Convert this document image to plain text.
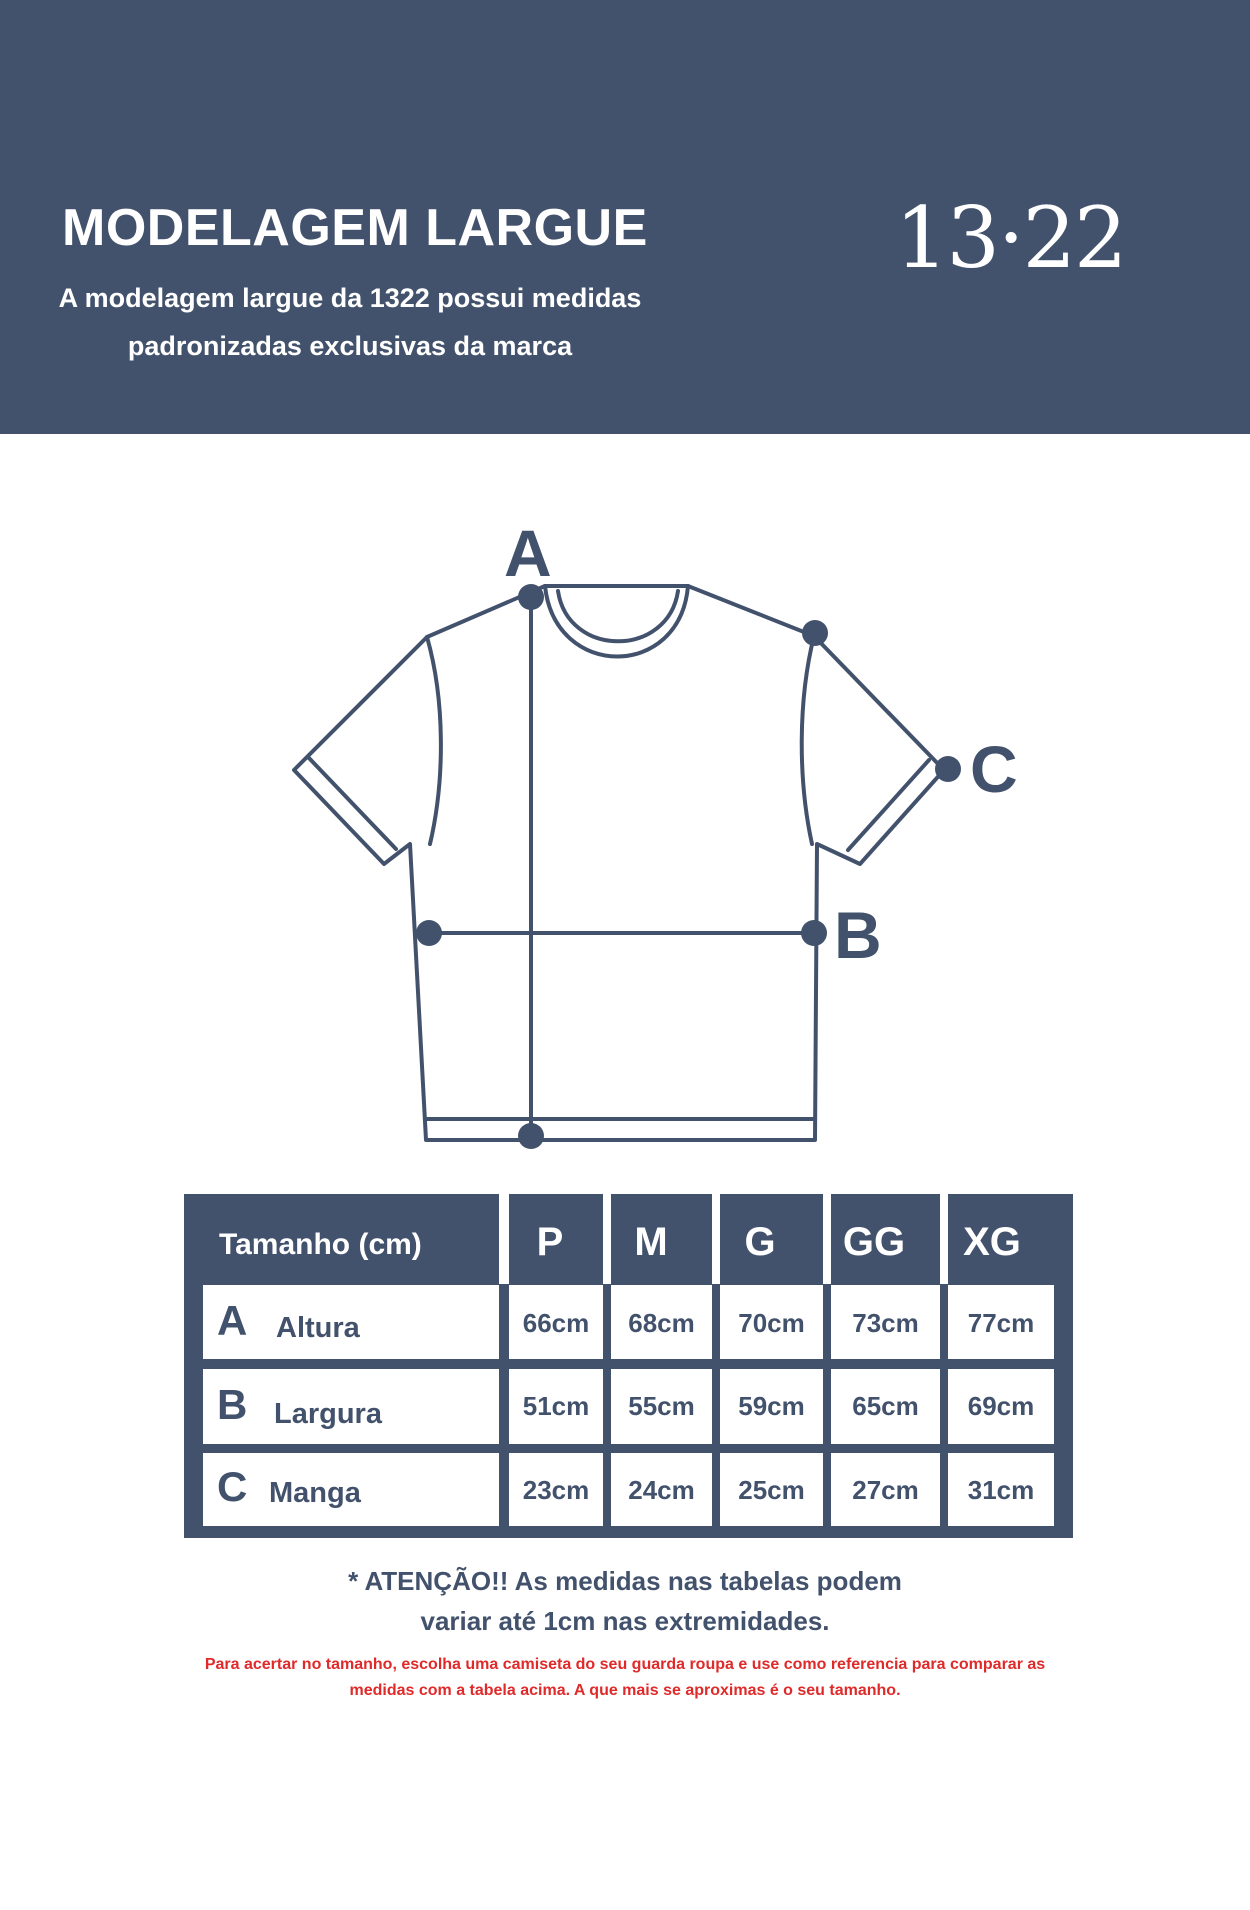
MODELAGEM LARGUE
A modelagem largue da 1322 possui medidas
padronizadas exclusivas da marca
13·22
A
B
C
Tamanho (cm)	P	M	G	GG	XG
A Altura	66cm	68cm	70cm	73cm	77cm
B Largura	51cm	55cm	59cm	65cm	69cm
C Manga	23cm	24cm	25cm	27cm	31cm
* ATENÇÃO!! As medidas nas tabelas podem
variar até 1cm nas extremidades.
Para acertar no tamanho, escolha uma camiseta do seu guarda roupa e use como referencia para comparar as
medidas com a tabela acima. A que mais se aproximas é o seu tamanho.
